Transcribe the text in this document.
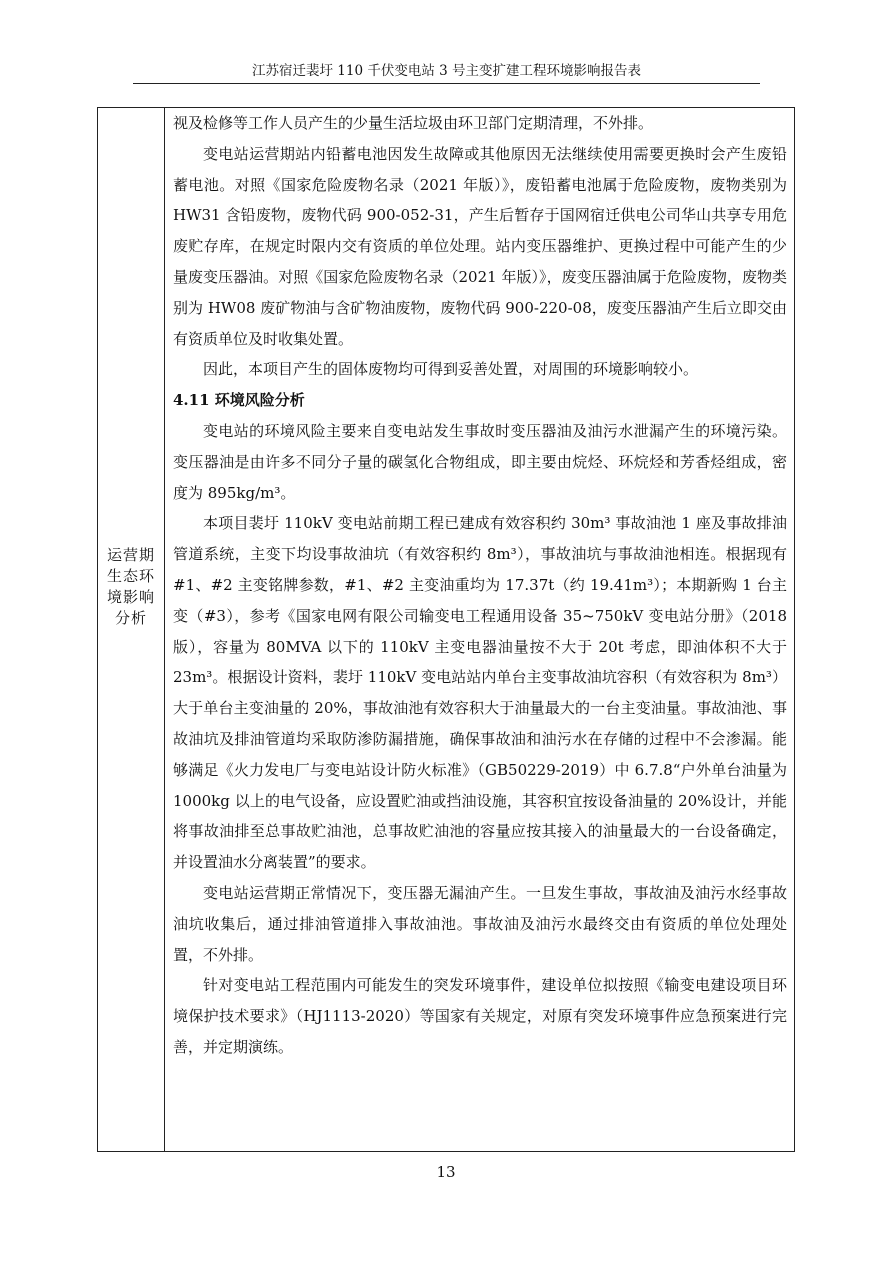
江苏宿迁裴圩 110 千伏变电站 3 号主变扩建工程环境影响报告表
运营期生态环境影响分析

视及检修等工作人员产生的少量生活垃圾由环卫部门定期清理，不外排。

变电站运营期站内铅蓄电池因发生故障或其他原因无法继续使用需要更换时会产生废铅蓄电池。对照《国家危险废物名录（2021 年版）》，废铅蓄电池属于危险废物，废物类别为 HW31 含铅废物，废物代码 900-052-31，产生后暂存于国网宿迁供电公司华山共享专用危废贮存库，在规定时限内交有资质的单位处理。站内变压器维护、更换过程中可能产生的少量废变压器油。对照《国家危险废物名录（2021 年版）》，废变压器油属于危险废物，废物类别为 HW08 废矿物油与含矿物油废物，废物代码 900-220-08，废变压器油产生后立即交由有资质单位及时收集处置。

因此，本项目产生的固体废物均可得到妥善处置，对周围的环境影响较小。

4.11 环境风险分析

变电站的环境风险主要来自变电站发生事故时变压器油及油污水泄漏产生的环境污染。变压器油是由许多不同分子量的碳氢化合物组成，即主要由烷烃、环烷烃和芳香烃组成，密度为 895kg/m³。

本项目裴圩 110kV 变电站前期工程已建成有效容积约 30m³ 事故油池 1 座及事故排油管道系统，主变下均设事故油坑（有效容积约 8m³），事故油坑与事故油池相连。根据现有#1、#2 主变铭牌参数，#1、#2 主变油重均为 17.37t（约 19.41m³）；本期新购 1 台主变（#3），参考《国家电网有限公司输变电工程通用设备 35~750kV 变电站分册》（2018 版），容量为 80MVA 以下的 110kV 主变电器油量按不大于 20t 考虑，即油体积不大于 23m³。根据设计资料，裴圩 110kV 变电站站内单台主变事故油坑容积（有效容积为 8m³）大于单台主变油量的 20%，事故油池有效容积大于油量最大的一台主变油量。事故油池、事故油坑及排油管道均采取防渗防漏措施，确保事故油和油污水在存储的过程中不会渗漏。能够满足《火力发电厂与变电站设计防火标准》（GB50229-2019）中 6.7.8“户外单台油量为 1000kg 以上的电气设备，应设置贮油或挡油设施，其容积宜按设备油量的 20%设计，并能将事故油排至总事故贮油池，总事故贮油池的容量应按其接入的油量最大的一台设备确定，并设置油水分离装置”的要求。

变电站运营期正常情况下，变压器无漏油产生。一旦发生事故，事故油及油污水经事故油坑收集后，通过排油管道排入事故油池。事故油及油污水最终交由有资质的单位处理处置，不外排。

针对变电站工程范围内可能发生的突发环境事件，建设单位拟按照《输变电建设项目环境保护技术要求》（HJ1113-2020）等国家有关规定，对原有突发环境事件应急预案进行完善，并定期演练。

13
